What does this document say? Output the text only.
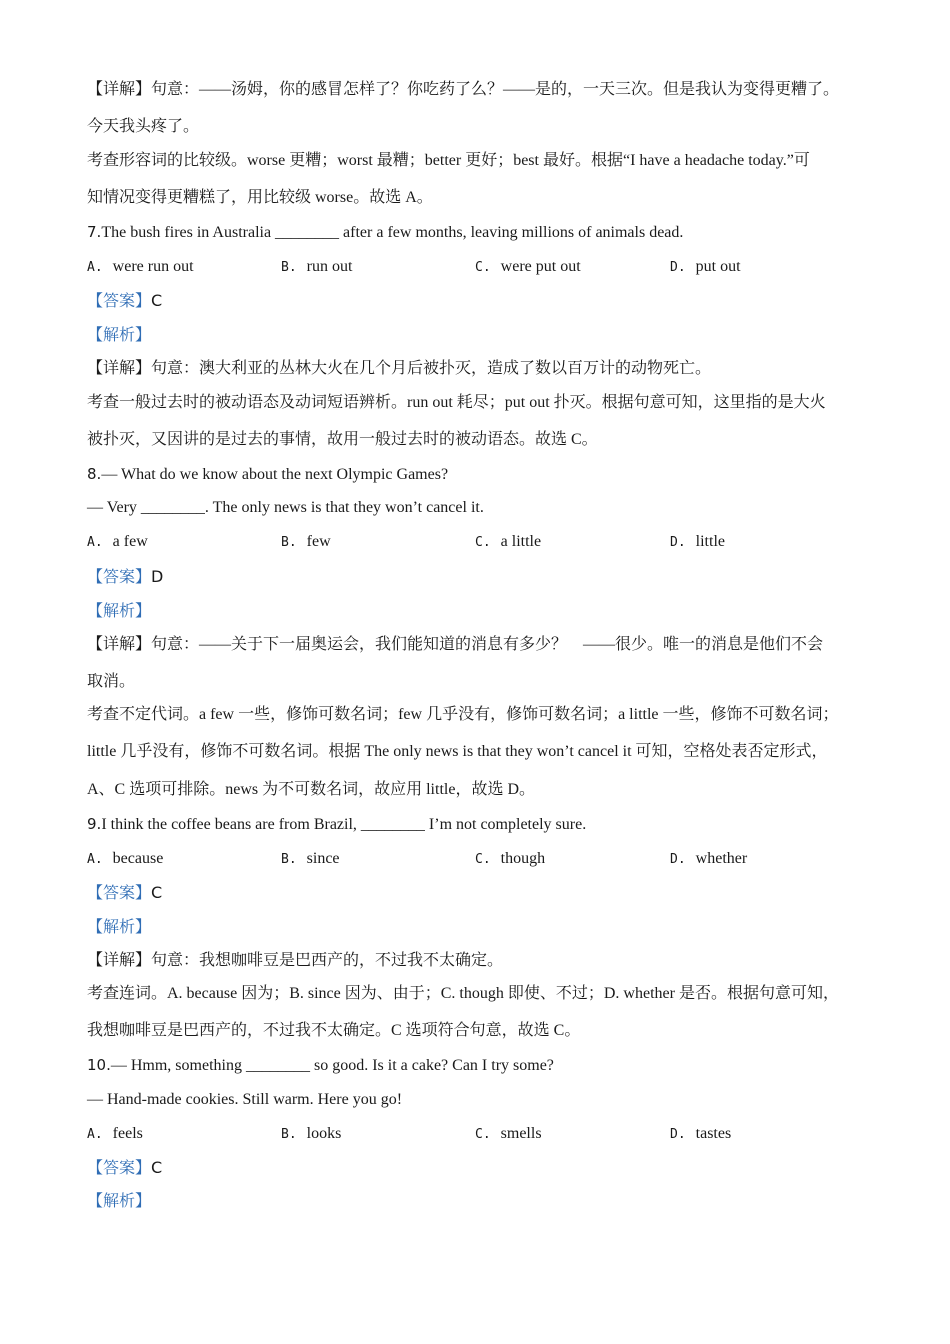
【详解】句意：——汤姆，你的感冒怎样了？你吃药了么？——是的，一天三次。但是我认为变得更糟了。
今天我头疼了。
考查形容词的比较级。worse 更糟；worst 最糟；better 更好；best 最好。根据“I have a headache today.”可
知情况变得更糟糕了，用比较级 worse。故选 A。
7.The bush fires in Australia ________ after a few months, leaving millions of animals dead.
A. were run out	B. run out	C. were put out	D. put out
【答案】C
【解析】
【详解】句意：澳大利亚的丛林大火在几个月后被扑灭，造成了数以百万计的动物死亡。
考查一般过去时的被动语态及动词短语辨析。run out 耗尽；put out 扑灭。根据句意可知，这里指的是大火
被扑灭，又因讲的是过去的事情，故用一般过去时的被动语态。故选 C。
8.— What do we know about the next Olympic Games?
— Very ________. The only news is that they won’t cancel it.
A. a few	B. few	C. a little	D. little
【答案】D
【解析】
【详解】句意：——关于下一届奥运会，我们能知道的消息有多少？　——很少。唯一的消息是他们不会
取消。
考查不定代词。a few 一些，修饰可数名词；few 几乎没有，修饰可数名词；a little 一些，修饰不可数名词；
little 几乎没有，修饰不可数名词。根据 The only news is that they won’t cancel it 可知，空格处表否定形式，
A、C 选项可排除。news 为不可数名词，故应用 little，故选 D。
9.I think the coffee beans are from Brazil, ________ I’m not completely sure.
A. because	B. since	C. though	D. whether
【答案】C
【解析】
【详解】句意：我想咖啡豆是巴西产的，不过我不太确定。
考查连词。A. because 因为；B. since 因为、由于；C. though 即使、不过；D. whether 是否。根据句意可知，
我想咖啡豆是巴西产的，不过我不太确定。C 选项符合句意，故选 C。
10.— Hmm, something ________ so good. Is it a cake? Can I try some?
— Hand-made cookies. Still warm. Here you go!
A. feels	B. looks	C. smells	D. tastes
【答案】C
【解析】
